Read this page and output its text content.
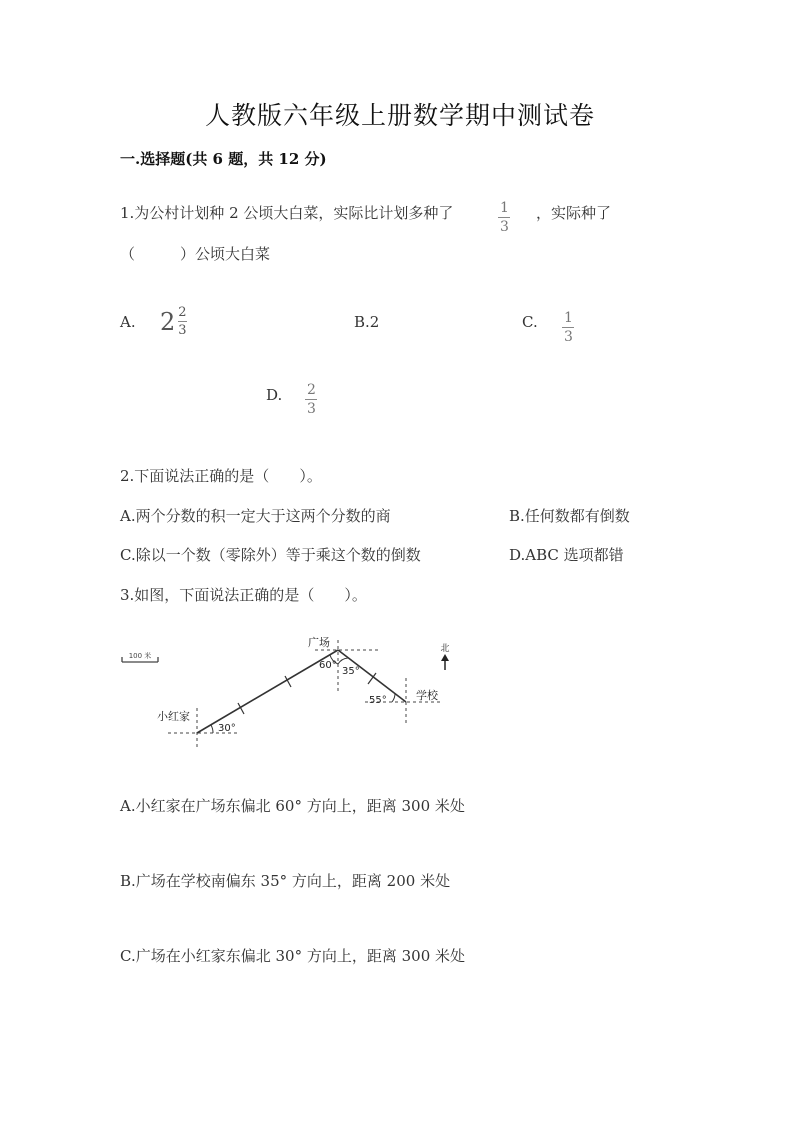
人教版六年级上册数学期中测试卷
一.选择题(共 6 题，共 12 分)
1.为公村计划种 2 公顷大白菜，实际比计划多种了	$\frac{1}{3}$ ，实际种了
（　　　）公顷大白菜
A. $2 \frac{2}{3}$	B.2	C. $\frac{1}{3}$
D. $\frac{2}{3}$
2.下面说法正确的是（　　）。
A.两个分数的积一定大于这两个分数的商	B.任何数都有倒数
C.除以一个数（零除外）等于乘这个数的倒数	D.ABC 选项都错
3.如图，下面说法正确的是（　　）。
100 米
小红家
广场
学校
30°
60°
35°
55°
北
A.小红家在广场东偏北 60° 方向上，距离 300 米处
B.广场在学校南偏东 35° 方向上，距离 200 米处
C.广场在小红家东偏北 30° 方向上，距离 300 米处
